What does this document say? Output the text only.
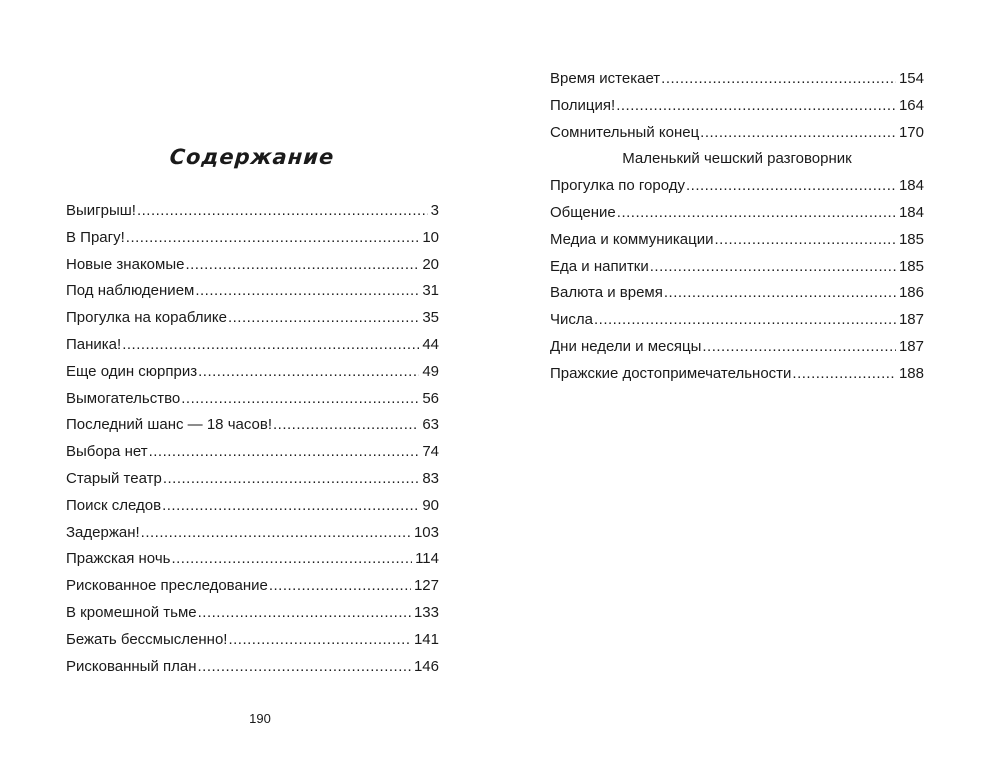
Содержание
Выигрыш! .....	3
В Прагу! .....	10
Новые знакомые .....	20
Под наблюдением .....	31
Прогулка на кораблике .....	35
Паника! .....	44
Еще один сюрприз .....	49
Вымогательство .....	56
Последний шанс — 18 часов! .....	63
Выбора нет .....	74
Старый театр .....	83
Поиск следов .....	90
Задержан! .....	103
Пражская ночь .....	114
Рискованное преследование .....	127
В кромешной тьме .....	133
Бежать бессмысленно! .....	141
Рискованный план .....	146
190
Время истекает .....	154
Полиция! .....	164
Сомнительный конец .....	170
Маленький чешский разговорник
Прогулка по городу .....	184
Общение .....	184
Медиа и коммуникации .....	185
Еда и напитки .....	185
Валюта и время .....	186
Числа .....	187
Дни недели и месяцы .....	187
Пражские достопримечательности .....	188
